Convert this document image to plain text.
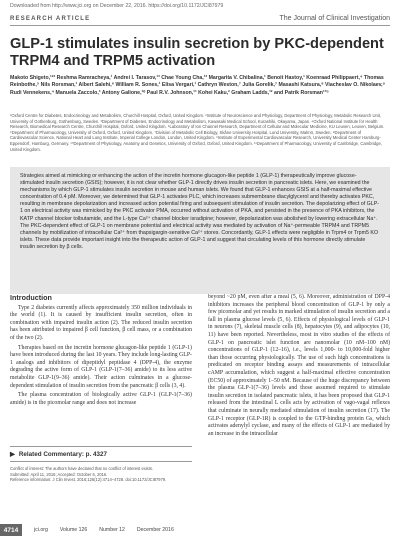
Downloaded from http://www.jci.org on December 22, 2016. https://doi.org/10.1172/JCI87979
RESEARCH ARTICLE	The Journal of Clinical Investigation
GLP-1 stimulates insulin secretion by PKC-dependent TRPM4 and TRPM5 activation
Makoto Shigeto,¹²³ Reshma Ramracheya,¹ Andrei I. Tarasov,¹³ Chae Young Cha,¹³ Margarita V. Chibalina,¹ Benoit Hastoy,¹ Koenraad Philippaert,⁴ Thomas Reinbothe,⁵ Nils Rorsman,¹ Albert Salehi,⁶ William R. Sones,¹ Elisa Vergari,¹ Cathryn Weston,⁷ Julia Gorelik,⁷ Masashi Katsura,⁸ Viacheslav O. Nikolaev,⁹ Rudi Vennekens,⁴ Manuela Zaccolo,³ Antony Galione,¹⁰ Paul R.V. Johnson,¹¹ Kohei Kaku,² Graham Ladds,¹² and Patrik Rorsman¹³⁵
¹Oxford Centre for Diabetes, Endocrinology and Metabolism, Churchill Hospital, Oxford, United Kingdom. ²Institute of Neuroscience and Physiology, Department of Physiology, Metabolic Research Unit, University of Gothenburg, Gothenburg, Sweden. ³Department of Diabetes, Endocrinology and Metabolism, Kawasaki Medical School, Kurashiki, Okayama, Japan. ⁴Oxford National Institute for Health Research, Biomedical Research Centre, Churchill Hospital, Oxford, United Kingdom. ⁵Laboratory of Ion Channel Research, Department of Cellular and Molecular Medicine, KU Leuven, Leuven, Belgium. ⁶Department of Pharmacology, University of Oxford, Oxford, United Kingdom. ⁷Division of Metabolic Cell Biology, Skåne University Hospital, Lund University, Malmö, Sweden. ⁸Department of Cardiovascular Science, National Heart and Lung Institute, Imperial College London, London, United Kingdom. ⁹Institute of Experimental Cardiovascular Research, University Medical Center Hamburg-Eppendorf, Hamburg, Germany. ¹⁰Department of Physiology, Anatomy and Genetics, University of Oxford, Oxford, United Kingdom. ¹¹Department of Pharmacology, University of Cambridge, Cambridge, United Kingdom.
Strategies aimed at mimicking or enhancing the action of the incretin hormone glucagon-like peptide 1 (GLP-1) therapeutically improve glucose-stimulated insulin secretion (GSIS); however, it is not clear whether GLP-1 directly drives insulin secretion in pancreatic islets. Here, we examined the mechanisms by which GLP-1 stimulates insulin secretion in mouse and human islets. We found that GLP-1 enhances GSIS at a half-maximal effective concentration of 0.4 pM. Moreover, we determined that GLP-1 activates PLC, which increases submembrane diacylglycerol and thereby activates PKC, resulting in membrane depolarization and increased action potential firing and subsequent stimulation of insulin secretion. The depolarizing effect of GLP-1 on electrical activity was mimicked by the PKC activator PMA, occurred without activation of PKA, and persisted in the presence of PKA inhibitors, the KATP channel blocker tolbutamide, and the L-type Ca²⁺ channel blocker isradipine; however, depolarization was abolished by lowering extracellular Na⁺. The PKC-dependent effect of GLP-1 on membrane potential and electrical activity was mediated by activation of Na⁺-permeable TRPM4 and TRPM5 channels by mobilization of intracellular Ca²⁺ from thapsigargin-sensitive Ca²⁺ stores. Concordantly, GLP-1 effects were negligible in Trpm4 or Trpm5 KO islets. These data provide important insight into the therapeutic action of GLP-1 and suggest that circulating levels of this hormone directly stimulate insulin secretion by β cells.
Introduction

Type 2 diabetes currently affects approximately 350 million individuals in the world (1). It is caused by insufficient insulin secretion, often in combination with impaired insulin action (2). The reduced insulin secretion has been attributed to impaired β cell function, β cell mass, or a combination of the two (2).

Therapies based on the incretin hormone glucagon-like peptide 1 (GLP-1) have been introduced during the last 10 years. They include long-lasting GLP-1 analogs and inhibitors of dipeptidyl peptidase 4 (DPP-4), the enzyme degrading the active form of GLP-1 (GLP-1(7–36) amide) to its less active metabolite GLP-1(9–36) amide). Their action culminates in a glucose-dependent stimulation of insulin secretion from the pancreatic β cells (3, 4).

The plasma concentration of biologically active GLP-1 (GLP-1(7–36) amide) is in the picomolar range and does not increase

beyond ~20 pM, even after a meal (5, 6). Moreover, administration of DPP-4 inhibitors increases the peripheral blood concentration of GLP-1 by only a few picomolar and yet results in marked stimulation of insulin secretion and a fall in plasma glucose levels (5, 6). Effects of physiological levels of GLP-1 in neurons (7), skeletal muscle cells (8), hepatocytes (9), and adipocytes (10, 11) have been reported. Nevertheless, most in vitro studies of the effects of GLP-1 on pancreatic islet function are nanomolar (10 nM–100 nM) concentrations of GLP-1 (12–16), i.e., levels 1,000- to 10,000-fold higher than those occurring physiologically. The use of such high concentrations is predicated on receptor binding assays and measurements of intracellular cAMP accumulation, which suggest a half-maximal effective concentration (EC50) of approximately 1–50 nM. Because of the huge discrepancy between the plasma GLP-1(7–36) levels and those assumed required to stimulate insulin secretion in isolated pancreatic islets, it has been proposed that GLP-1 released from the intestinal L cells acts by activation of vago-vagal reflexes that culminate in neurally mediated stimulation of insulin secretion (17). The GLP-1 receptor (GLP-1R) is coupled to the GTP-binding protein Gs, which activates adenylyl cyclase, and many of the effects of GLP-1 are mediated by an increase in the intracellular

▶ Related Commentary: p. 4327

Conflict of interest: The authors have declared that no conflict of interest exists.

Submitted: April 11, 2016; Accepted: October 6, 2016.

Reference information: J Clin Invest. 2016;126(12):4714–4728. doi:10.1172/JCI87979.

4714	jci.org Volume 126 Number 12 December 2016
